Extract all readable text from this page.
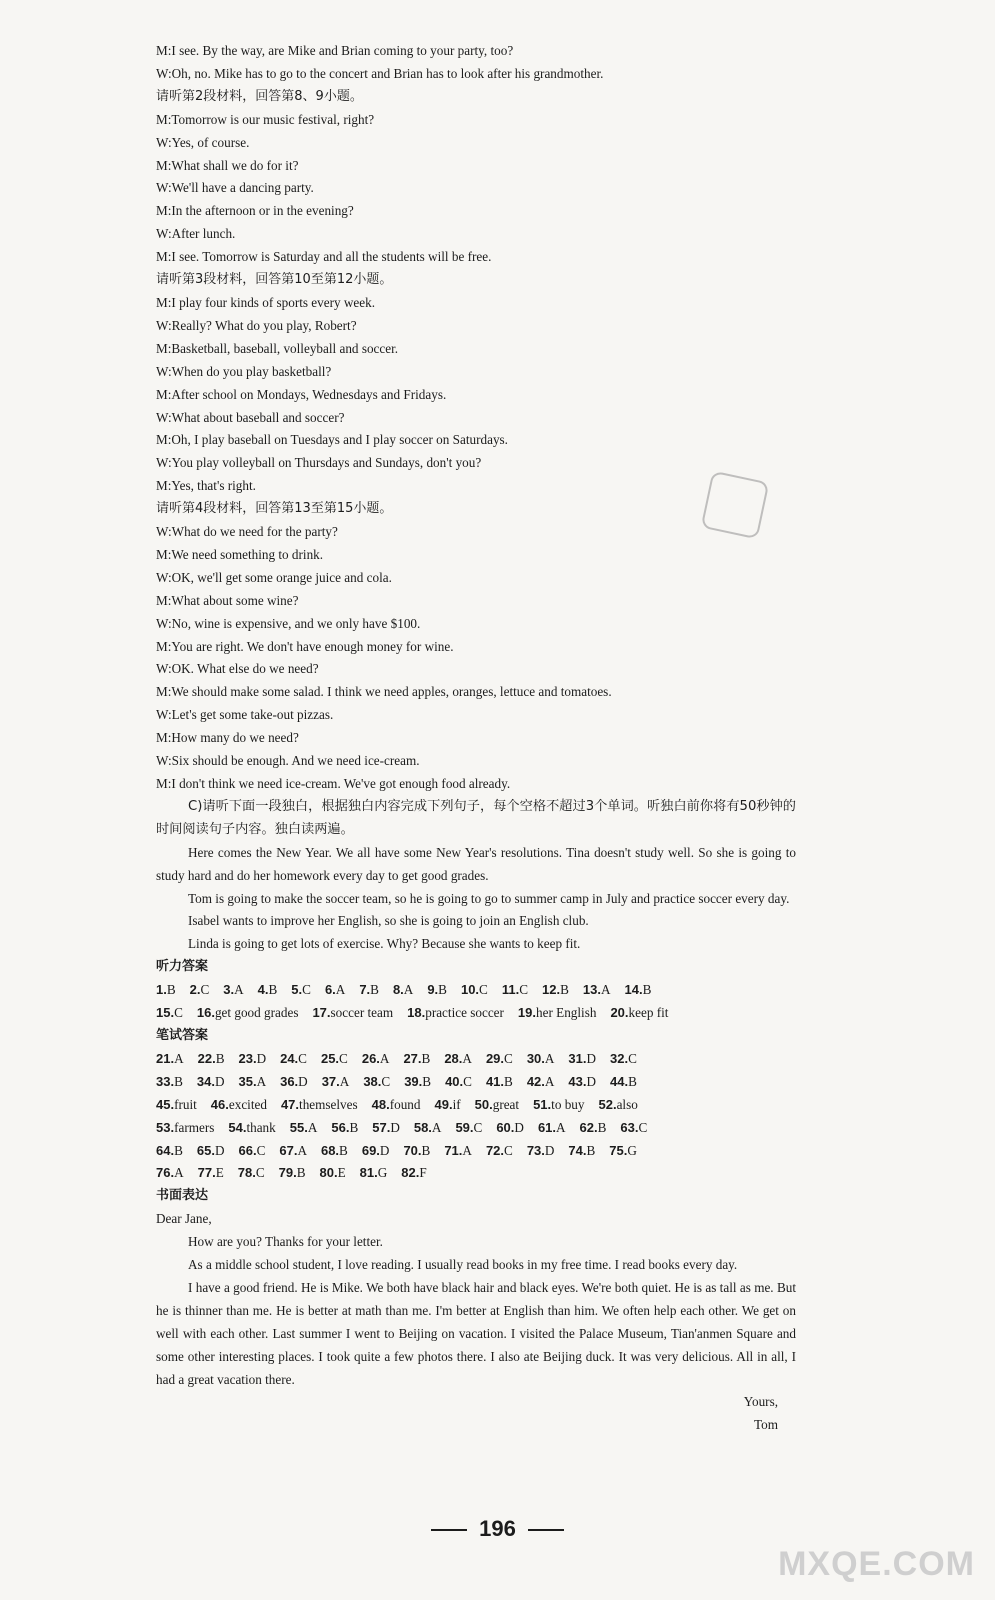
M:I see. By the way, are Mike and Brian coming to your party, too?
W:Oh, no. Mike has to go to the concert and Brian has to look after his grandmother.
请听第2段材料，回答第8、9小题。
M:Tomorrow is our music festival, right?
W:Yes, of course.
M:What shall we do for it?
W:We'll have a dancing party.
M:In the afternoon or in the evening?
W:After lunch.
M:I see. Tomorrow is Saturday and all the students will be free.
请听第3段材料，回答第10至第12小题。
M:I play four kinds of sports every week.
W:Really? What do you play, Robert?
M:Basketball, baseball, volleyball and soccer.
W:When do you play basketball?
M:After school on Mondays, Wednesdays and Fridays.
W:What about baseball and soccer?
M:Oh, I play baseball on Tuesdays and I play soccer on Saturdays.
W:You play volleyball on Thursdays and Sundays, don't you?
M:Yes, that's right.
请听第4段材料，回答第13至第15小题。
W:What do we need for the party?
M:We need something to drink.
W:OK, we'll get some orange juice and cola.
M:What about some wine?
W:No, wine is expensive, and we only have $100.
M:You are right. We don't have enough money for wine.
W:OK. What else do we need?
M:We should make some salad. I think we need apples, oranges, lettuce and tomatoes.
W:Let's get some take-out pizzas.
M:How many do we need?
W:Six should be enough. And we need ice-cream.
M:I don't think we need ice-cream. We've got enough food already.
C)请听下面一段独白，根据独白内容完成下列句子，每个空格不超过3个单词。听独白前你将有50秒钟的时间阅读句子内容。独白读两遍。
Here comes the New Year. We all have some New Year's resolutions. Tina doesn't study well. So she is going to study hard and do her homework every day to get good grades.
Tom is going to make the soccer team, so he is going to go to summer camp in July and practice soccer every day.
Isabel wants to improve her English, so she is going to join an English club.
Linda is going to get lots of exercise. Why? Because she wants to keep fit.
听力答案
1.B 2.C 3.A 4.B 5.C 6.A 7.B 8.A 9.B 10.C 11.C 12.B 13.A 14.B
15.C 16.get good grades 17.soccer team 18.practice soccer 19.her English 20.keep fit
笔试答案
21.A 22.B 23.D 24.C 25.C 26.A 27.B 28.A 29.C 30.A 31.D 32.C
33.B 34.D 35.A 36.D 37.A 38.C 39.B 40.C 41.B 42.A 43.D 44.B
45.fruit 46.excited 47.themselves 48.found 49.if 50.great 51.to buy 52.also
53.farmers 54.thank 55.A 56.B 57.D 58.A 59.C 60.D 61.A 62.B 63.C
64.B 65.D 66.C 67.A 68.B 69.D 70.B 71.A 72.C 73.D 74.B 75.G
76.A 77.E 78.C 79.B 80.E 81.G 82.F
书面表达
Dear Jane,
How are you? Thanks for your letter.
As a middle school student, I love reading. I usually read books in my free time. I read books every day.
I have a good friend. He is Mike. We both have black hair and black eyes. We're both quiet. He is as tall as me. But he is thinner than me. He is better at math than me. I'm better at English than him. We often help each other. We get on well with each other. Last summer I went to Beijing on vacation. I visited the Palace Museum, Tian'anmen Square and some other interesting places. I took quite a few photos there. I also ate Beijing duck. It was very delicious. All in all, I had a great vacation there.
Yours,
Tom
196
MXQE.COM
